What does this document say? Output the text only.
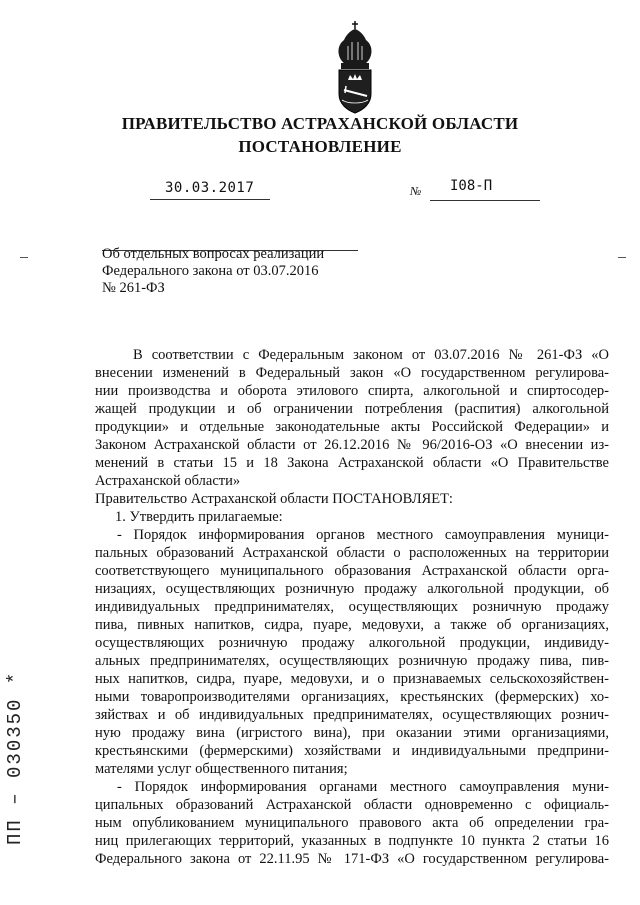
ПРАВИТЕЛЬСТВО АСТРАХАНСКОЙ ОБЛАСТИ

ПОСТАНОВЛЕНИЕ

30.03.2017	№ I08-П
Об отдельных вопросах реализации
Федерального закона от 03.07.2016
№ 261-ФЗ
В соответствии с Федеральным законом от 03.07.2016 № 261-ФЗ «О
внесении изменений в Федеральный закон «О государственном регулирова-
нии производства и оборота этилового спирта, алкогольной и спиртосодер-
жащей продукции и об ограничении потребления (распития) алкогольной
продукции» и отдельные законодательные акты Российской Федерации» и
Законом Астраханской области от 26.12.2016 № 96/2016-ОЗ «О внесении из-
менений в статьи 15 и 18 Закона Астраханской области «О Правительстве
Астраханской области»
Правительство Астраханской области ПОСТАНОВЛЯЕТ:
1. Утвердить прилагаемые:
- Порядок информирования органов местного самоуправления муници-
пальных образований Астраханской области о расположенных на территории
соответствующего муниципального образования Астраханской области орга-
низациях, осуществляющих розничную продажу алкогольной продукции, об
индивидуальных предпринимателях, осуществляющих розничную продажу
пива, пивных напитков, сидра, пуаре, медовухи, а также об организациях,
осуществляющих розничную продажу алкогольной продукции, индивиду-
альных предпринимателях, осуществляющих розничную продажу пива, пив-
ных напитков, сидра, пуаре, медовухи, и о признаваемых сельскохозяйствен-
ными товаропроизводителями организациях, крестьянских (фермерских) хо-
зяйствах и об индивидуальных предпринимателях, осуществляющих рознич-
ную продажу вина (игристого вина), при оказании этими организациями,
крестьянскими (фермерскими) хозяйствами и индивидуальными предприни-
мателями услуг общественного питания;
- Порядок информирования органами местного самоуправления муни-
ципальных образований Астраханской области одновременно с официаль-
ным опубликованием муниципального правового акта об определении гра-
ниц прилегающих территорий, указанных в подпункте 10 пункта 2 статьи 16
Федерального закона от 22.11.95 № 171-ФЗ «О государственном регулирова-
ПП – 030350 *
